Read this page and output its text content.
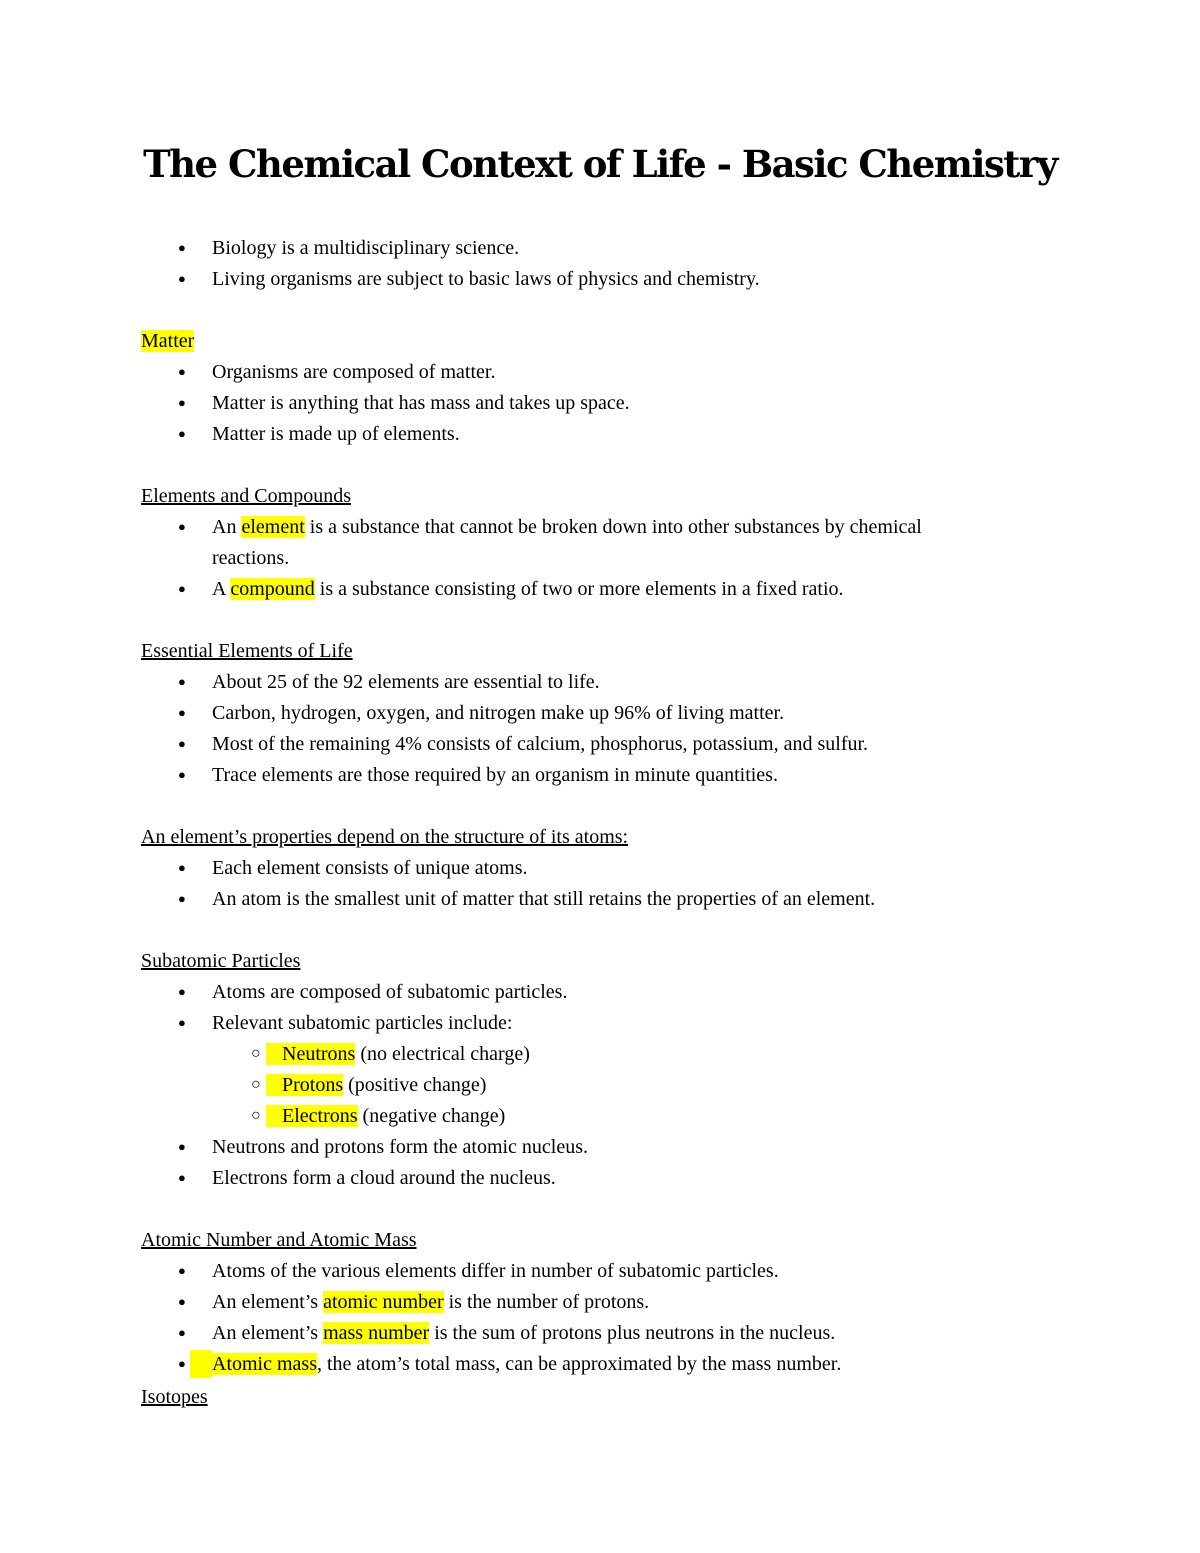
The Chemical Context of Life - Basic Chemistry
● Biology is a multidisciplinary science.
● Living organisms are subject to basic laws of physics and chemistry.
Matter
● Organisms are composed of matter.
● Matter is anything that has mass and takes up space.
● Matter is made up of elements.
Elements and Compounds
● An element is a substance that cannot be broken down into other substances by chemical
reactions.
● A compound is a substance consisting of two or more elements in a fixed ratio.
Essential Elements of Life
● About 25 of the 92 elements are essential to life.
● Carbon, hydrogen, oxygen, and nitrogen make up 96% of living matter.
● Most of the remaining 4% consists of calcium, phosphorus, potassium, and sulfur.
● Trace elements are those required by an organism in minute quantities.
An element’s properties depend on the structure of its atoms:
● Each element consists of unique atoms.
● An atom is the smallest unit of matter that still retains the properties of an element.
Subatomic Particles
● Atoms are composed of subatomic particles.
● Relevant subatomic particles include:
○	Neutrons (no electrical charge)
○	Protons (positive change)
○	Electrons (negative change)
● Neutrons and protons form the atomic nucleus.
● Electrons form a cloud around the nucleus.
Atomic Number and Atomic Mass
● Atoms of the various elements differ in number of subatomic particles.
● An element’s atomic number is the number of protons.
● An element’s mass number is the sum of protons plus neutrons in the nucleus.
● Atomic mass, the atom’s total mass, can be approximated by the mass number.
Isotopes
